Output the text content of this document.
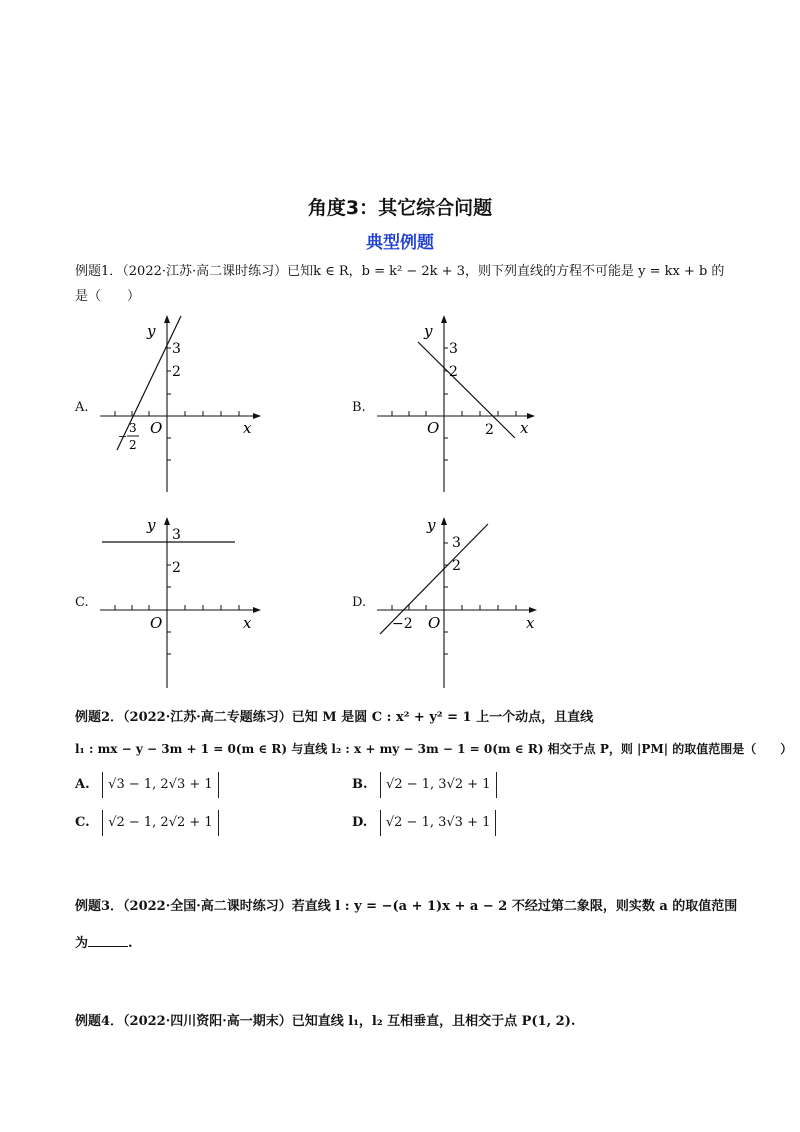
角度3：其它综合问题
典型例题
例题1．（2022·江苏·高二课时练习）已知k ∈ R，b = k² − 2k + 3，则下列直线的方程不可能是 y = kx + b 的
是（　　）
A.
y
x
O
3
2
−
3
2
B.
y
x
O
3
2
2
C.
y
x
O
3
2
D.
y
x
O
3
2
−2
例题2．（2022·江苏·高二专题练习）已知 M 是圆 C : x² + y² = 1 上一个动点，且直线
l₁ : mx − y − 3m + 1 = 0(m ∈ R) 与直线 l₂ : x + my − 3m − 1 = 0(m ∈ R) 相交于点 P，则 |PM| 的取值范围是（　　）
A. √3 − 1, 2√3 + 1	B. √2 − 1, 3√2 + 1
C. √2 − 1, 2√2 + 1	D. √2 − 1, 3√3 + 1
例题3．（2022·全国·高二课时练习）若直线 l : y = −(a + 1)x + a − 2 不经过第二象限，则实数 a 的取值范围
为	.
例题4．（2022·四川资阳·高一期末）已知直线 l₁，l₂ 互相垂直，且相交于点 P(1, 2).
